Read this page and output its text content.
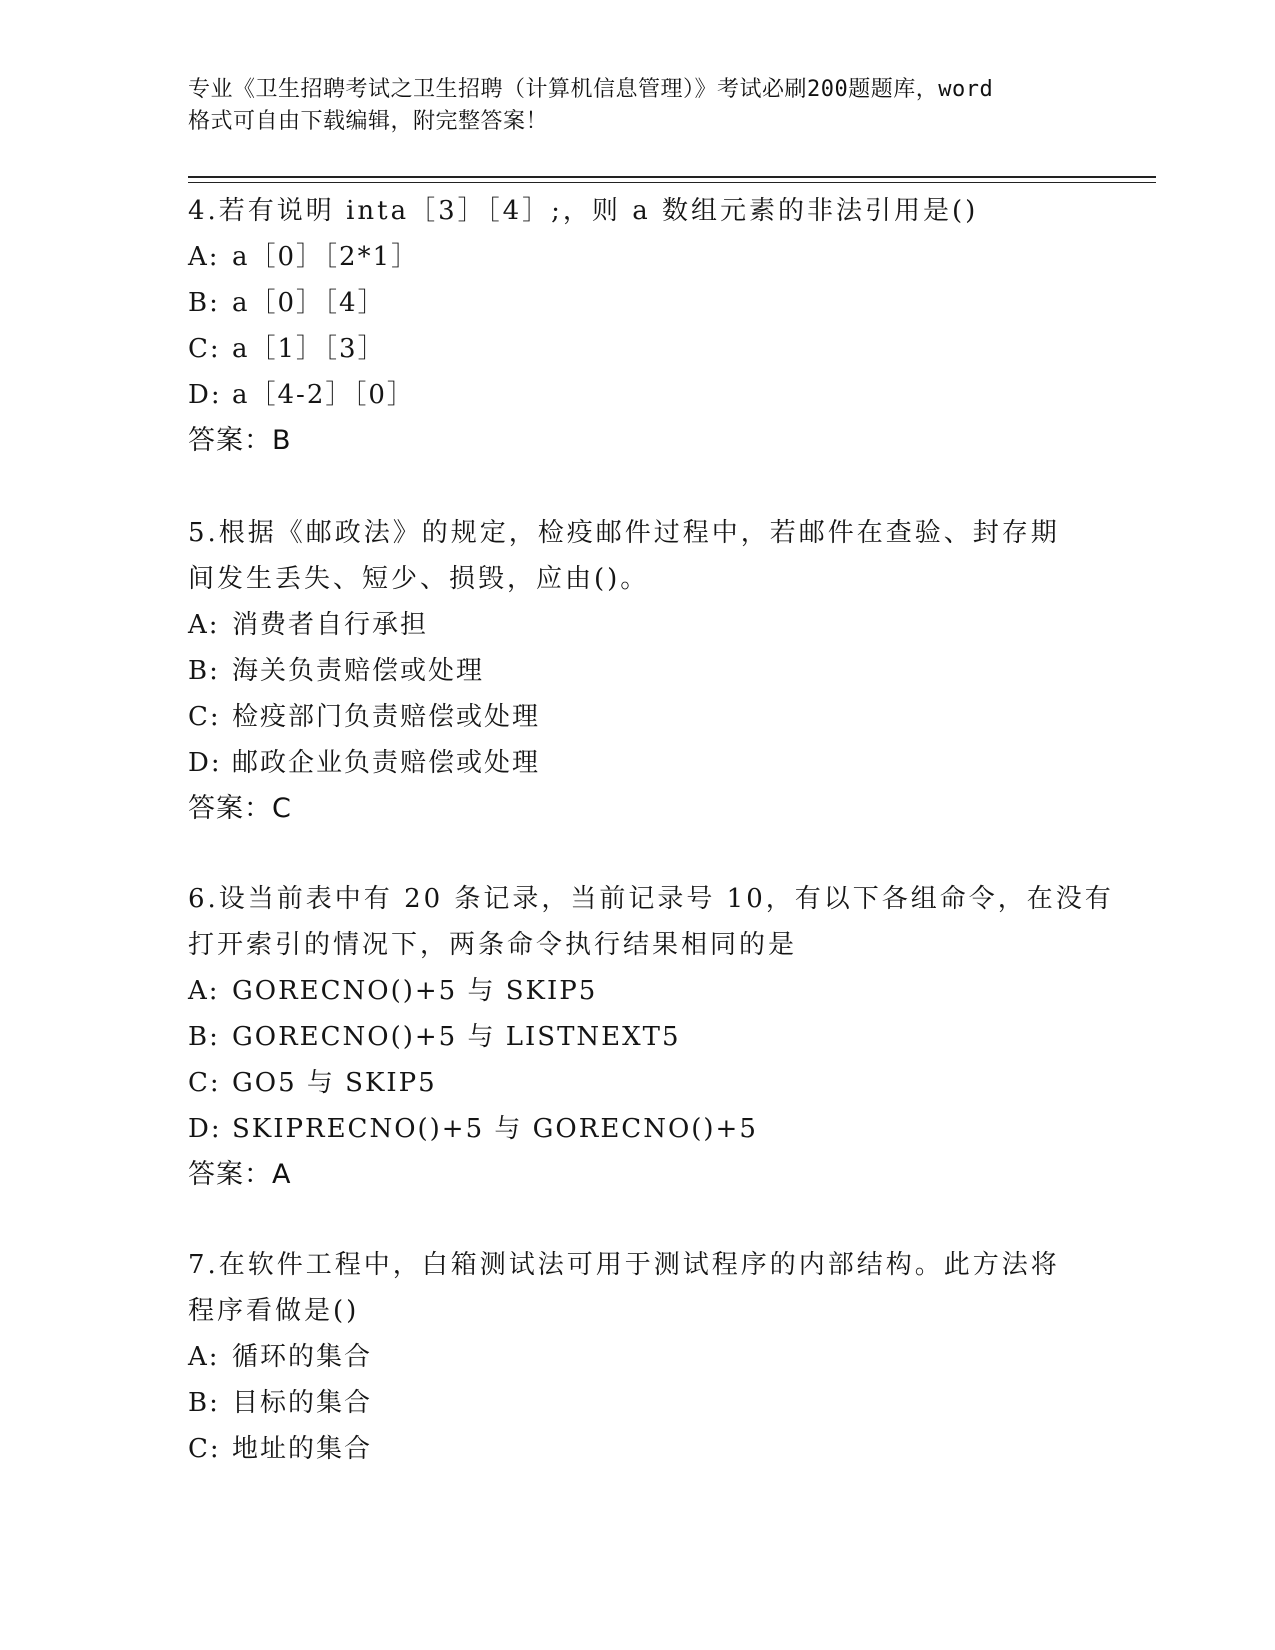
专业《卫生招聘考试之卫生招聘（计算机信息管理）》考试必刷200题题库，word
格式可自由下载编辑，附完整答案！
4.若有说明 inta［3］［4］;，则 a 数组元素的非法引用是()
A: a［0］［2*1］
B: a［0］［4］
C: a［1］［3］
D: a［4-2］［0］
答案：B
5.根据《邮政法》的规定，检疫邮件过程中，若邮件在查验、封存期
间发生丢失、短少、损毁，应由()。
A: 消费者自行承担
B: 海关负责赔偿或处理
C: 检疫部门负责赔偿或处理
D: 邮政企业负责赔偿或处理
答案：C
6.设当前表中有 20 条记录，当前记录号 10，有以下各组命令，在没有
打开索引的情况下，两条命令执行结果相同的是
A: GORECNO()+5 与 SKIP5
B: GORECNO()+5 与 LISTNEXT5
C: GO5 与 SKIP5
D: SKIPRECNO()+5 与 GORECNO()+5
答案：A
7.在软件工程中，白箱测试法可用于测试程序的内部结构。此方法将
程序看做是()
A: 循环的集合
B: 目标的集合
C: 地址的集合
